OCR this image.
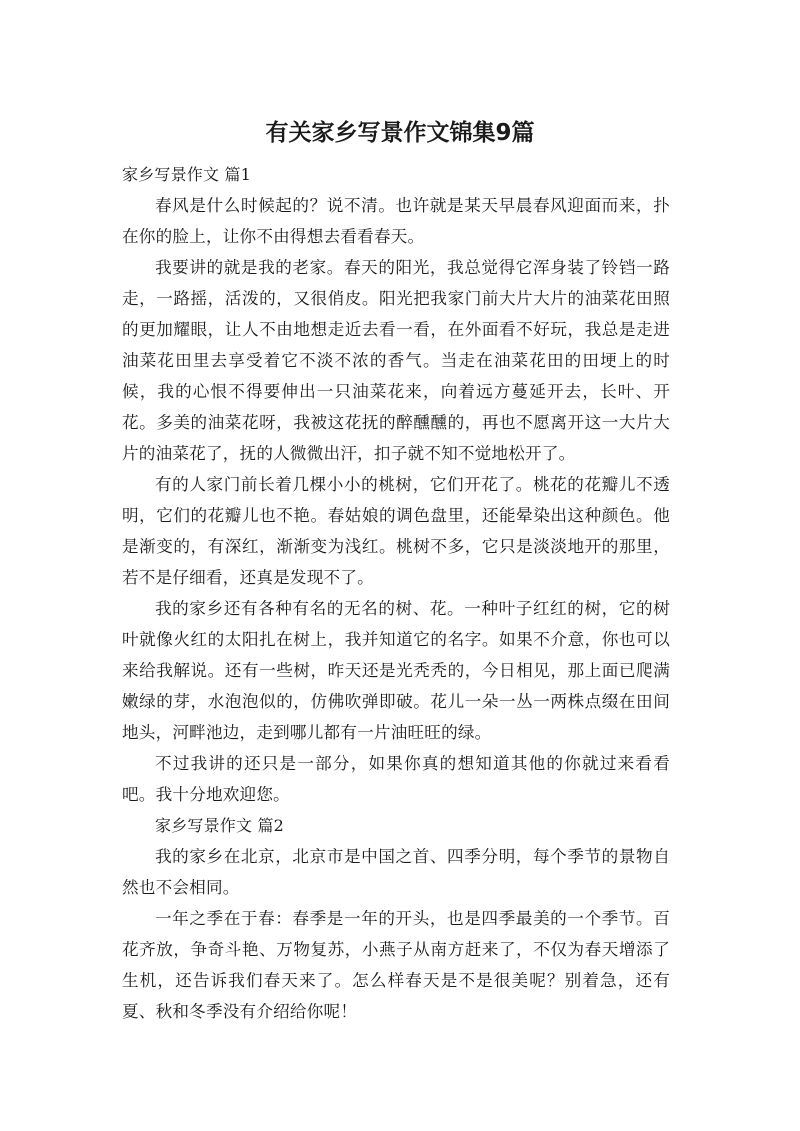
有关家乡写景作文锦集9篇

家乡写景作文 篇1

春风是什么时候起的？说不清。也许就是某天早晨春风迎面而来，扑在你的脸上，让你不由得想去看看春天。

我要讲的就是我的老家。春天的阳光，我总觉得它浑身装了铃铛一路走，一路摇，活泼的，又很俏皮。阳光把我家门前大片大片的油菜花田照的更加耀眼，让人不由地想走近去看一看，在外面看不好玩，我总是走进油菜花田里去享受着它不淡不浓的香气。当走在油菜花田的田埂上的时候，我的心恨不得要伸出一只油菜花来，向着远方蔓延开去，长叶、开花。多美的油菜花呀，我被这花抚的醉醺醺的，再也不愿离开这一大片大片的油菜花了，抚的人微微出汗，扣子就不知不觉地松开了。

有的人家门前长着几棵小小的桃树，它们开花了。桃花的花瓣儿不透明，它们的花瓣儿也不艳。春姑娘的调色盘里，还能晕染出这种颜色。他是渐变的，有深红，渐渐变为浅红。桃树不多，它只是淡淡地开的那里，若不是仔细看，还真是发现不了。

我的家乡还有各种有名的无名的树、花。一种叶子红红的树，它的树叶就像火红的太阳扎在树上，我并知道它的名字。如果不介意，你也可以来给我解说。还有一些树，昨天还是光秃秃的，今日相见，那上面已爬满嫩绿的芽，水泡泡似的，仿佛吹弹即破。花儿一朵一丛一两株点缀在田间地头，河畔池边，走到哪儿都有一片油旺旺的绿。

不过我讲的还只是一部分，如果你真的想知道其他的你就过来看看吧。我十分地欢迎您。

家乡写景作文 篇2

我的家乡在北京，北京市是中国之首、四季分明，每个季节的景物自然也不会相同。

一年之季在于春：春季是一年的开头，也是四季最美的一个季节。百花齐放，争奇斗艳、万物复苏，小燕子从南方赶来了，不仅为春天增添了生机，还告诉我们春天来了。怎么样春天是不是很美呢？别着急，还有夏、秋和冬季没有介绍给你呢！
